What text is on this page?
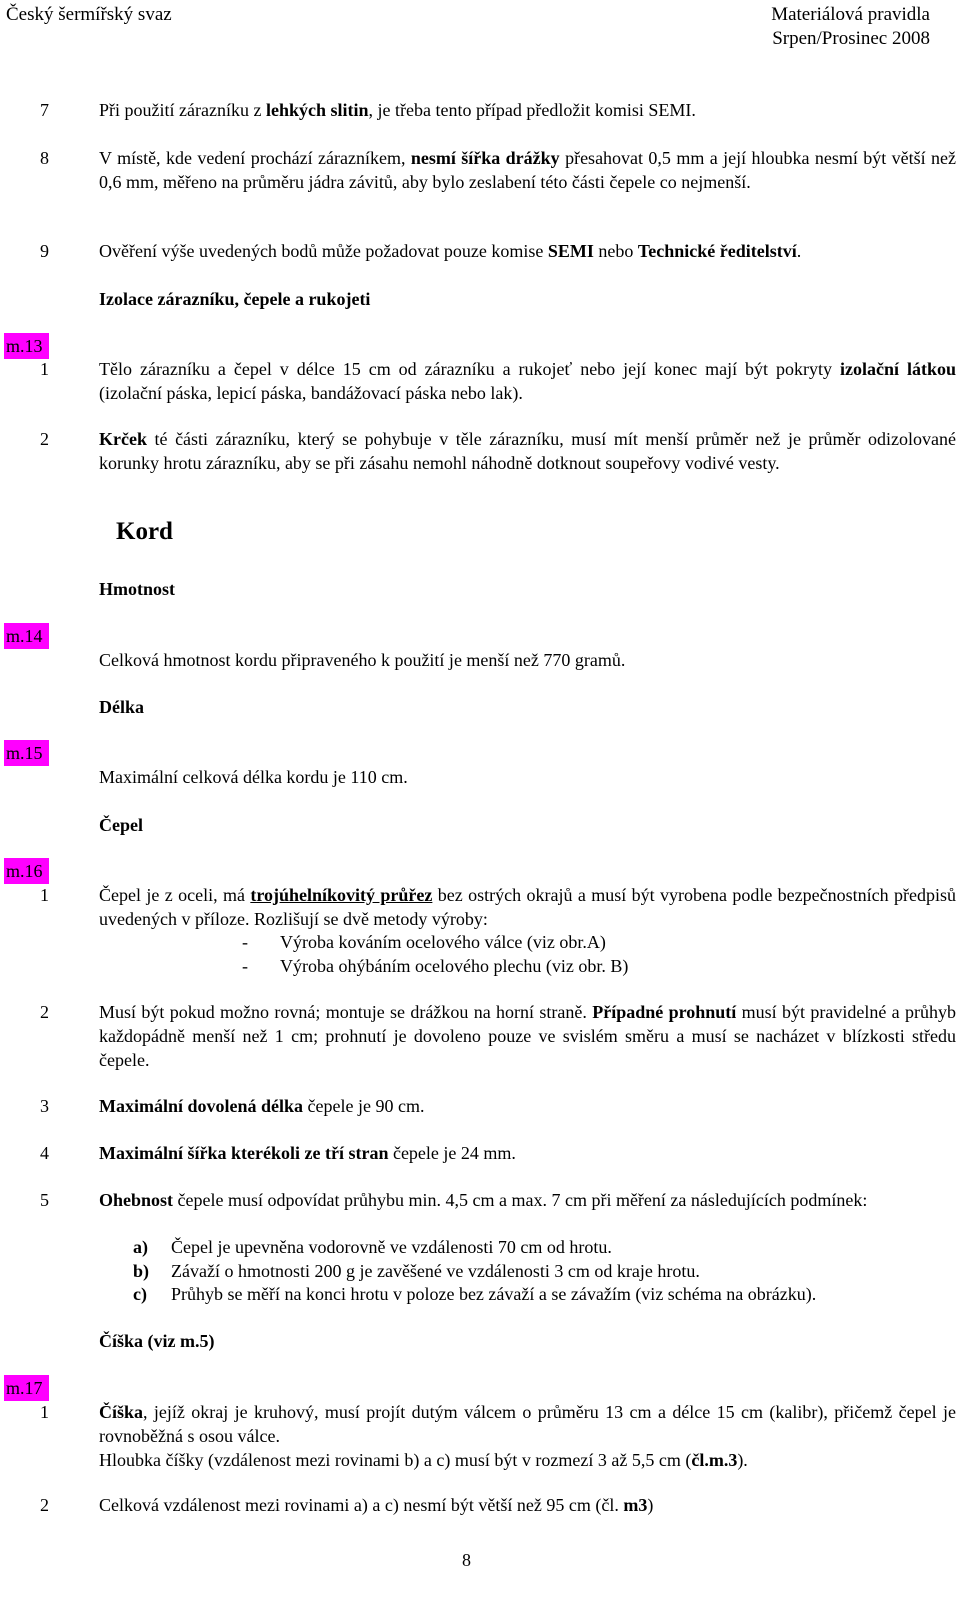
Český šermířský svaz	Materiálová pravidla
Srpen/Prosinec 2008
7	Při použití zárazníku z lehkých slitin, je třeba tento případ předložit komisi SEMI.
8	V místě, kde vedení prochází zárazníkem, nesmí šířka drážky přesahovat 0,5 mm a její hloubka nesmí být větší než 0,6 mm, měřeno na průměru jádra závitů, aby bylo zeslabení této části čepele co nejmenší.
9	Ověření výše uvedených bodů může požadovat pouze komise SEMI nebo Technické ředitelství.
Izolace zárazníku, čepele a rukojeti
m.13
1	Tělo zárazníku a čepel v délce 15 cm od zárazníku a rukojeť nebo její konec mají být pokryty izolační látkou (izolační páska, lepicí páska, bandážovací páska nebo lak).
2	Krček té části zárazníku, který se pohybuje v těle zárazníku, musí mít menší průměr než je průměr odizolované korunky hrotu zárazníku, aby se při zásahu nemohl náhodně dotknout soupeřovy vodivé vesty.
Kord
Hmotnost
m.14
Celková hmotnost kordu připraveného k použití je menší než 770 gramů.
Délka
m.15
Maximální celková délka kordu je 110 cm.
Čepel
m.16
1	Čepel je z oceli, má trojúhelníkovitý průřez bez ostrých okrajů a musí být vyrobena podle bezpečnostních předpisů uvedených v příloze. Rozlišují se dvě metody výroby:
- Výroba kováním ocelového válce (viz obr.A)
- Výroba ohýbáním ocelového plechu (viz obr. B)
2	Musí být pokud možno rovná; montuje se drážkou na horní straně. Případné prohnutí musí být pravidelné a průhyb každopádně menší než 1 cm; prohnutí je dovoleno pouze ve svislém směru a musí se nacházet v blízkosti středu čepele.
3	Maximální dovolená délka čepele je 90 cm.
4	Maximální šířka kterékoli ze tří stran čepele je 24 mm.
5	Ohebnost čepele musí odpovídat průhybu min. 4,5 cm a max. 7 cm při měření za následujících podmínek:
a) Čepel je upevněna vodorovně ve vzdálenosti 70 cm od hrotu.
b) Závaží o hmotnosti 200 g je zavěšené ve vzdálenosti 3 cm od kraje hrotu.
c) Průhyb se měří na konci hrotu v poloze bez závaží a se závažím (viz schéma na obrázku).
Číška (viz m.5)
m.17
1	Číška, jejíž okraj je kruhový, musí projít dutým válcem o průměru 13 cm a délce 15 cm (kalibr), přičemž čepel je rovnoběžná s osou válce.
Hloubka číšky (vzdálenost mezi rovinami b) a c) musí být v rozmezí 3 až 5,5 cm (čl.m.3).
2	Celková vzdálenost mezi rovinami a) a c) nesmí být větší než 95 cm (čl. m3)
8
